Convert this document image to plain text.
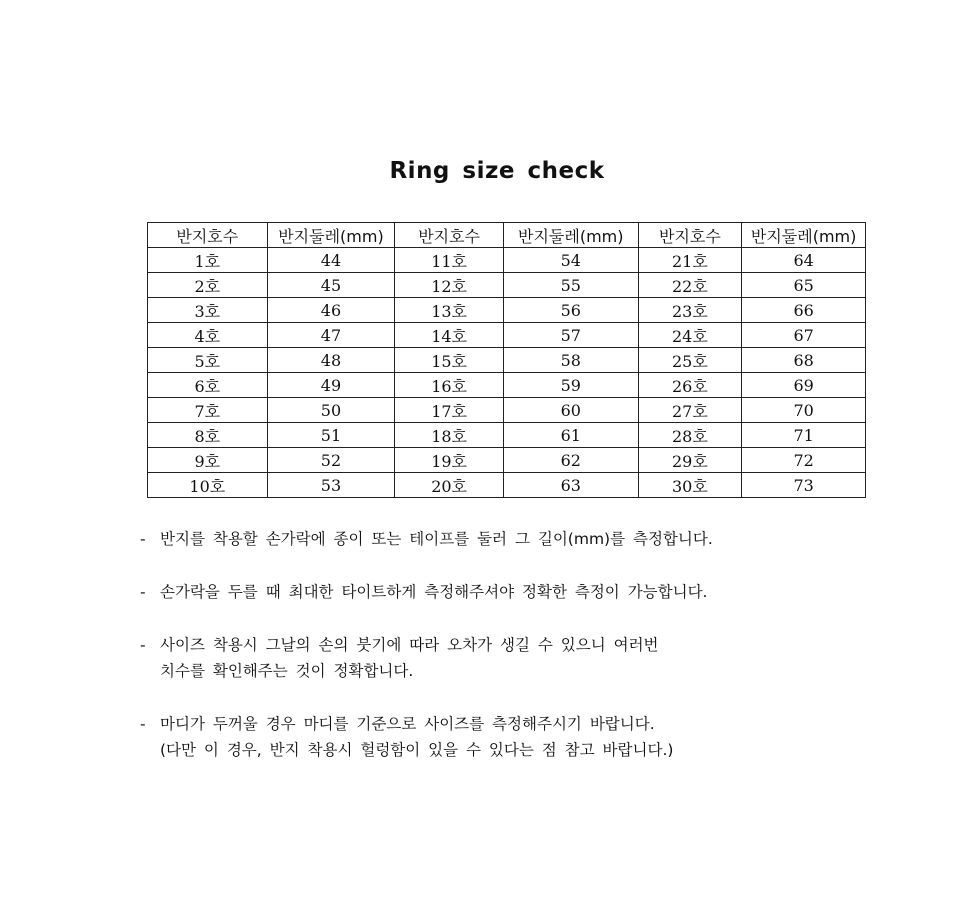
Ring size check
반지호수	반지둘레(mm)	반지호수	반지둘레(mm)	반지호수	반지둘레(mm)
1호	44	11호	54	21호	64
2호	45	12호	55	22호	65
3호	46	13호	56	23호	66
4호	47	14호	57	24호	67
5호	48	15호	58	25호	68
6호	49	16호	59	26호	69
7호	50	17호	60	27호	70
8호	51	18호	61	28호	71
9호	52	19호	62	29호	72
10호	53	20호	63	30호	73
- 반지를 착용할 손가락에 종이 또는 테이프를 둘러 그 길이(mm)를 측정합니다.
- 손가락을 두를 때 최대한 타이트하게 측정해주셔야 정확한 측정이 가능합니다.
- 사이즈 착용시 그날의 손의 붓기에 따라 오차가 생길 수 있으니 여러번
치수를 확인해주는 것이 정확합니다.
- 마디가 두꺼울 경우 마디를 기준으로 사이즈를 측정해주시기 바랍니다.
(다만 이 경우, 반지 착용시 헐렁함이 있을 수 있다는 점 참고 바랍니다.)
